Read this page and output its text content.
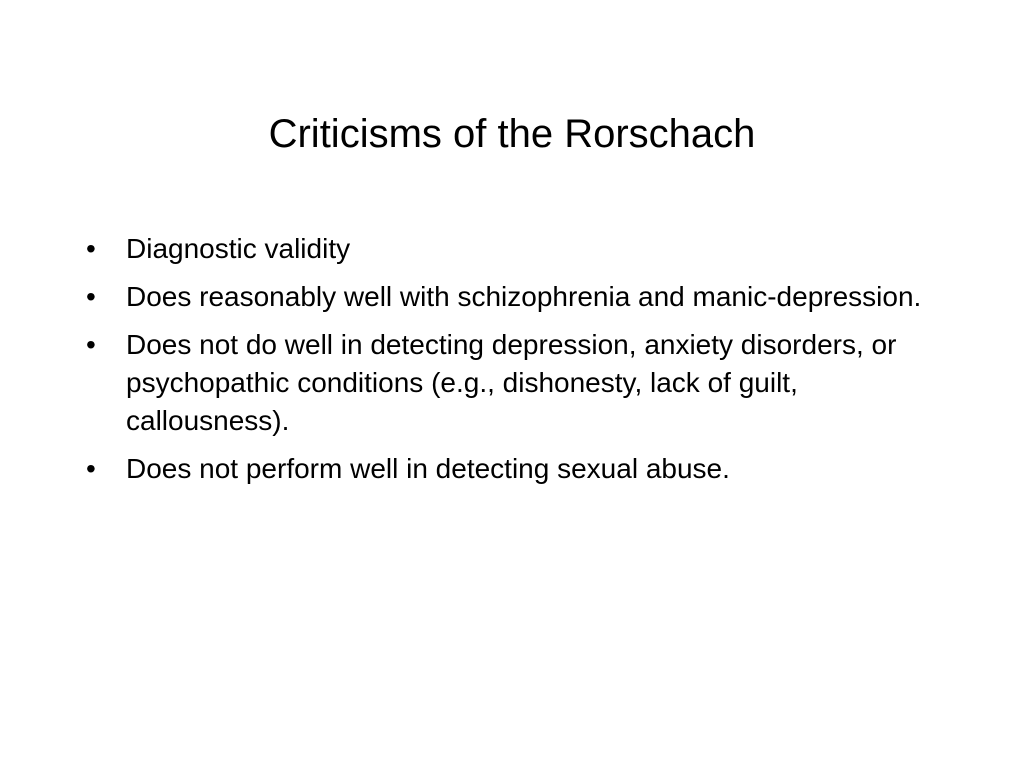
Criticisms of the Rorschach
•	Diagnostic validity
•	Does reasonably well with schizophrenia and manic-depression.
•	Does not do well in detecting depression, anxiety disorders, or psychopathic conditions (e.g., dishonesty, lack of guilt, callousness).
•	Does not perform well in detecting sexual abuse.
